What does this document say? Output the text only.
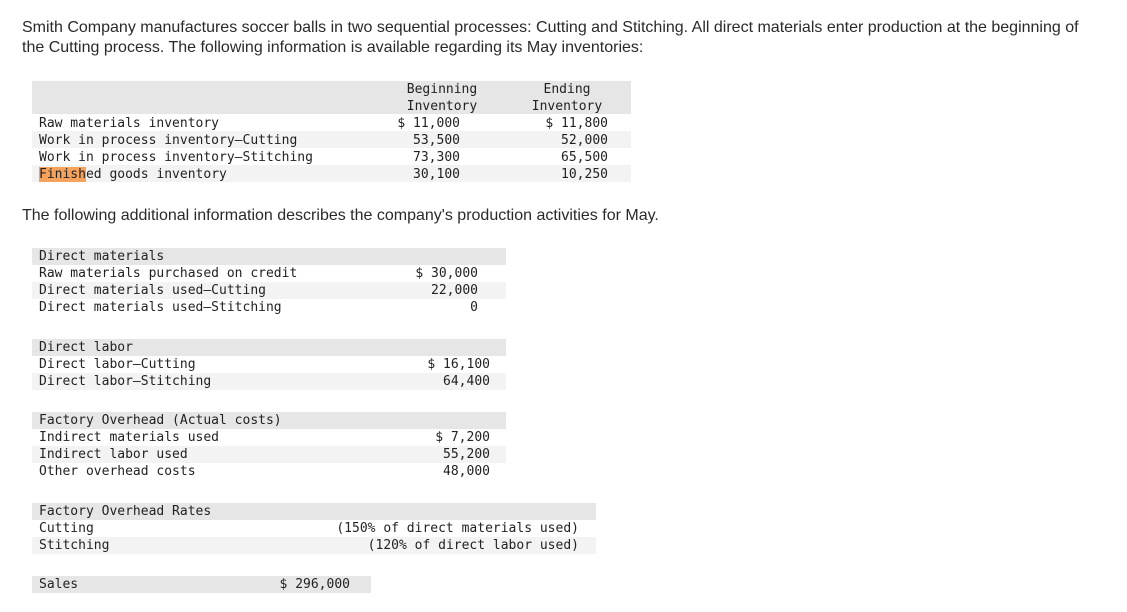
Smith Company manufactures soccer balls in two sequential processes: Cutting and Stitching. All direct materials enter production at the beginning of the Cutting process. The following information is available regarding its May inventories:
Beginning
Inventory
Ending
Inventory
Raw materials inventory
Work in process inventory—Cutting
Work in process inventory—Stitching
Finished goods inventory
$ 11,000
53,500
73,300
30,100
$ 11,800
52,000
65,500
10,250
The following additional information describes the company's production activities for May.
Direct materials
Raw materials purchased on credit
Direct materials used—Cutting
Direct materials used—Stitching
$ 30,000
22,000
0
Direct labor
Direct labor—Cutting
Direct labor—Stitching
$ 16,100
64,400
Factory Overhead (Actual costs)
Indirect materials used
Indirect labor used
Other overhead costs
$ 7,200
55,200
48,000
Factory Overhead Rates
Cutting
Stitching
(150% of direct materials used)
(120% of direct labor used)
Sales	$ 296,000
